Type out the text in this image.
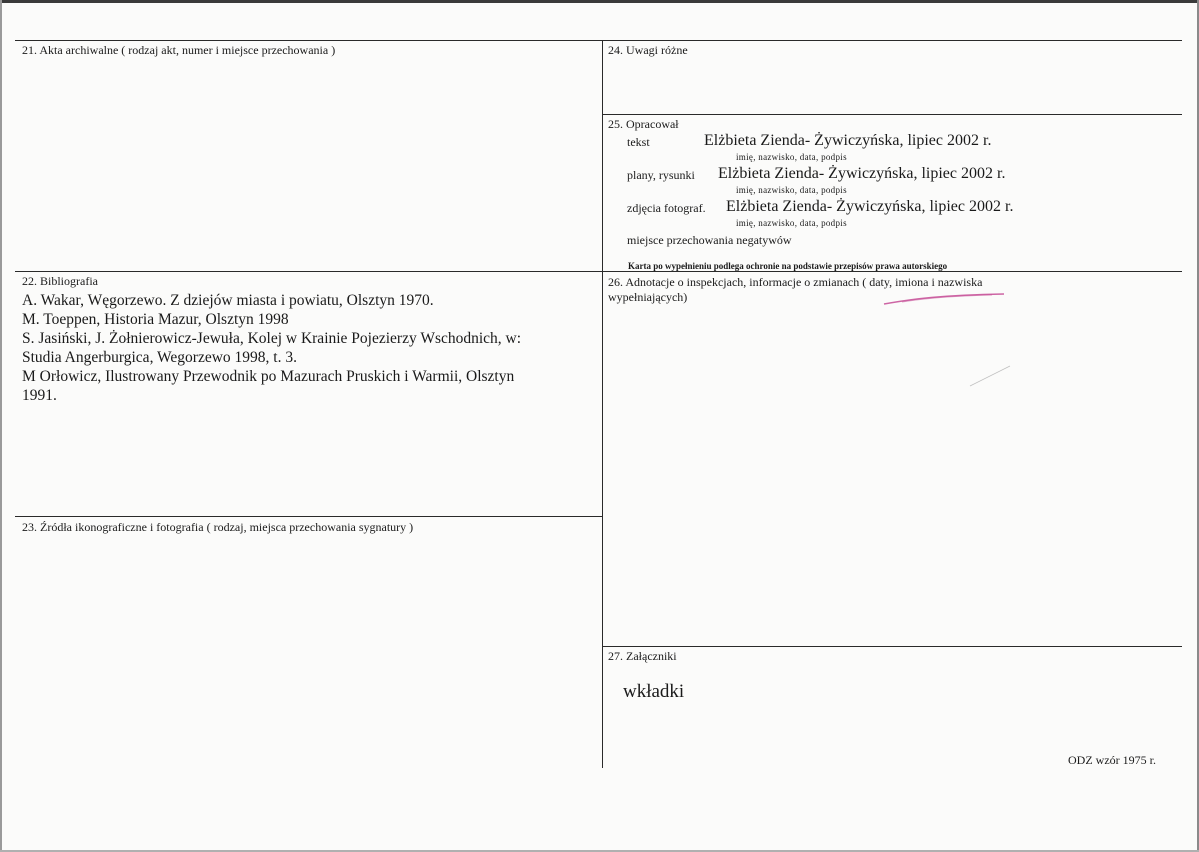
21. Akta archiwalne ( rodzaj akt, numer i miejsce przechowania )
22. Bibliografia
A. Wakar, Węgorzewo. Z dziejów miasta i powiatu, Olsztyn 1970.
M. Toeppen, Historia Mazur, Olsztyn 1998
S. Jasiński, J. Żołnierowicz-Jewuła, Kolej w Krainie Pojezierzy Wschodnich, w:
Studia Angerburgica, Wegorzewo 1998, t. 3.
M Orłowicz, Ilustrowany Przewodnik po Mazurach Pruskich i Warmii, Olsztyn
1991.
23. Źródła ikonograficzne i fotografia ( rodzaj, miejsca przechowania sygnatury )
24. Uwagi różne
25. Opracował
tekst	Elżbieta Zienda- Żywiczyńska, lipiec 2002 r.
imię, nazwisko, data, podpis
plany, rysunki Elżbieta Zienda- Żywiczyńska, lipiec 2002 r.
imię, nazwisko, data, podpis
zdjęcia fotograf. Elżbieta Zienda- Żywiczyńska, lipiec 2002 r.
imię, nazwisko, data, podpis
miejsce przechowania negatywów
Karta po wypełnieniu podlega ochronie na podstawie przepisów prawa autorskiego
26. Adnotacje o inspekcjach, informacje o zmianach ( daty, imiona i nazwiska
wypełniających)
27. Załączniki
wkładki
ODZ wzór 1975 r.
